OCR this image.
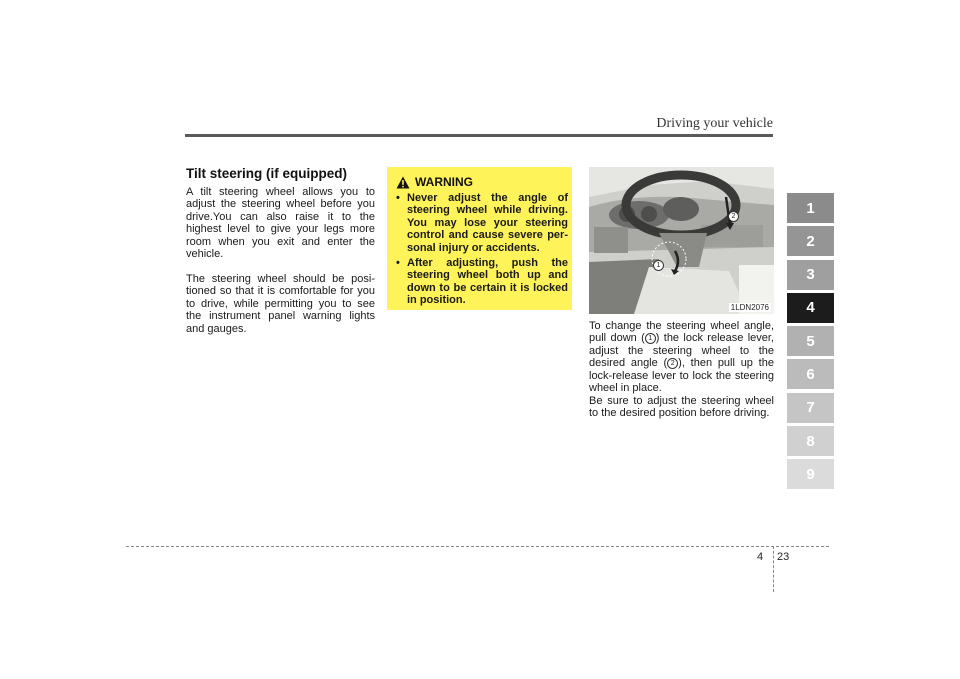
Driving your vehicle
Tilt steering (if equipped)
A tilt steering wheel allows you to adjust the steering wheel before you drive.You can also raise it to the highest level to give your legs more room when you exit and enter the vehicle.
The steering wheel should be posi-tioned so that it is comfortable for you to drive, while permitting you to see the instrument panel warning lights and gauges.
WARNING
• Never adjust the angle of steering wheel while driving. You may lose your steering control and cause severe per-sonal injury or accidents.
• After adjusting, push the steering wheel both up and down to be certain it is locked in position.
1
2
1LDN2076
To change the steering wheel angle, pull down ( 1 ) the lock release lever, adjust the steering wheel to the desired angle ( 2 ), then pull up the lock-release lever to lock the steering wheel in place.
Be sure to adjust the steering wheel to the desired position before driving.
1
2
3
4
5
6
7
8
9
4 23
